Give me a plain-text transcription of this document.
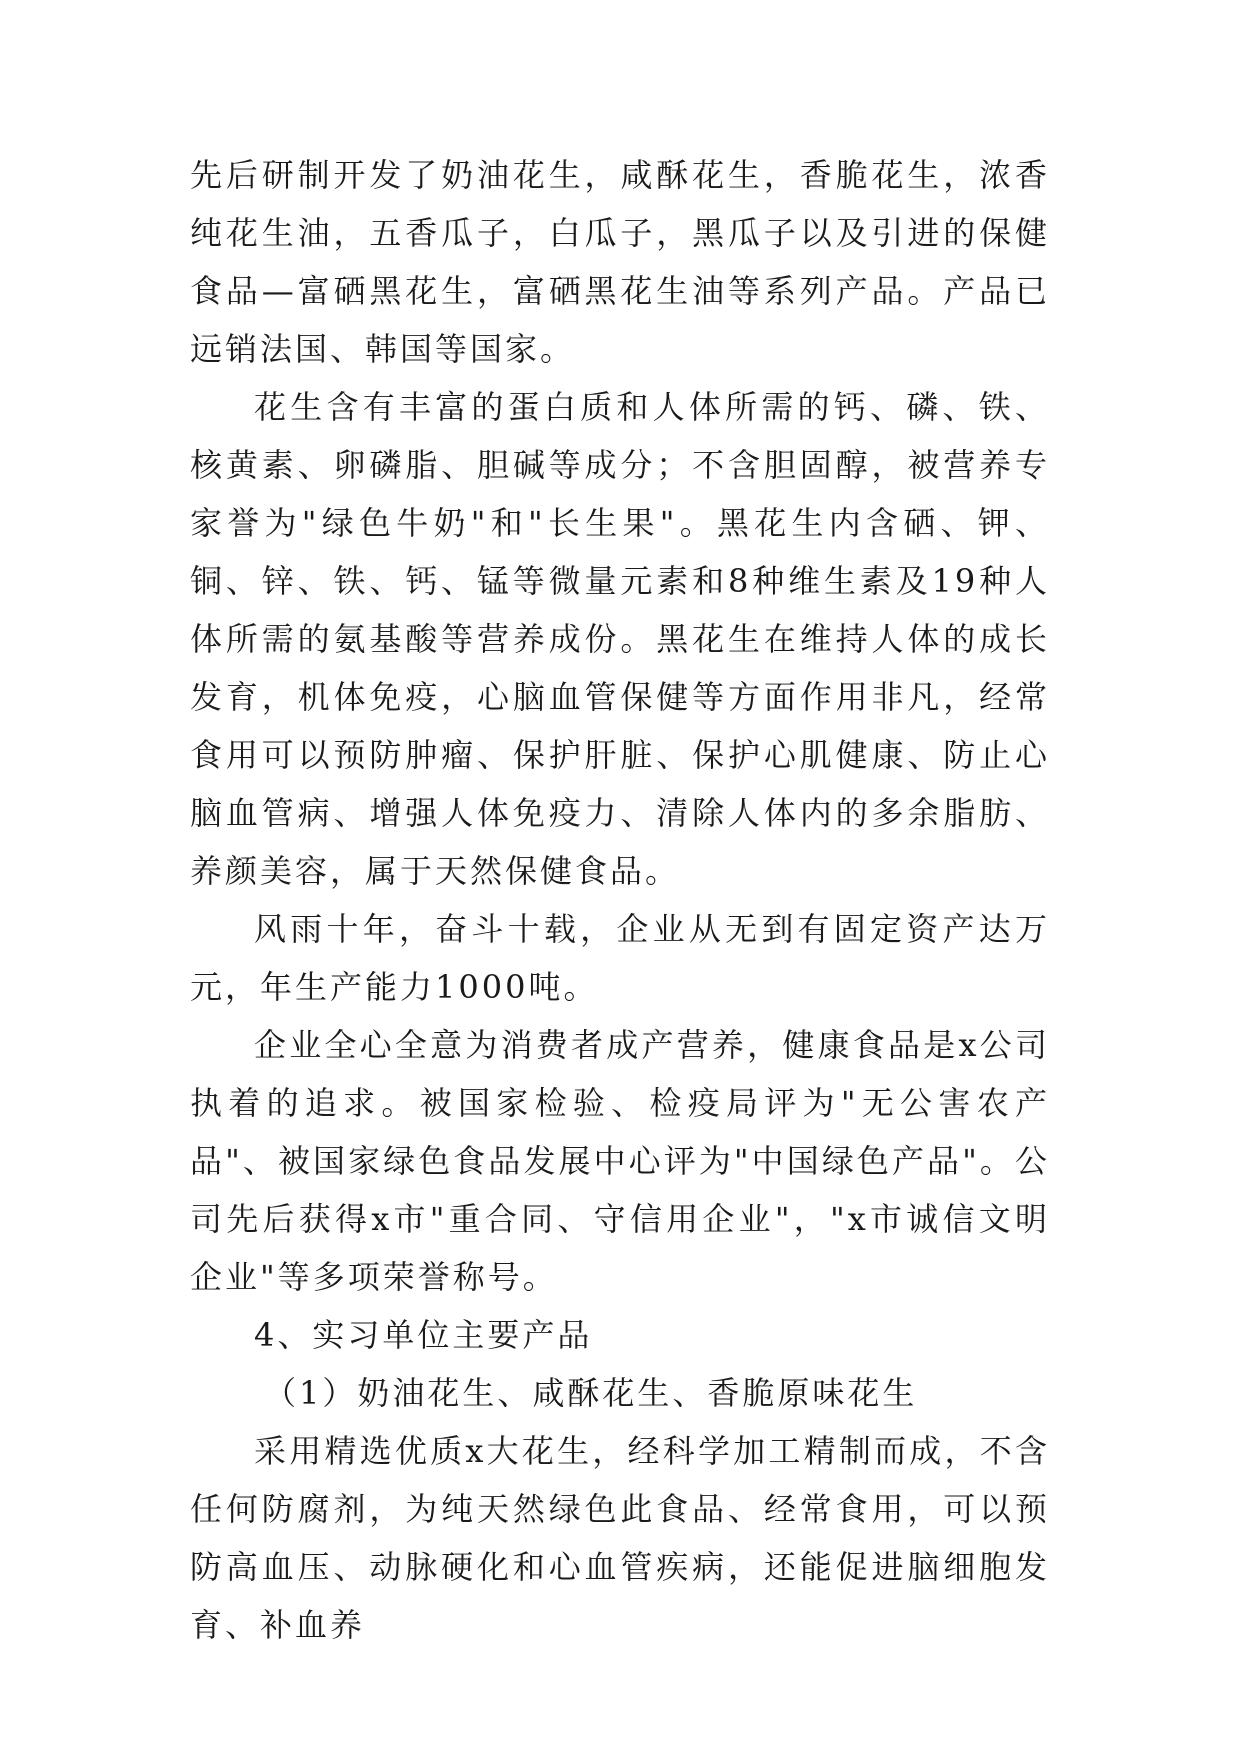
先后研制开发了奶油花生，咸酥花生，香脆花生，浓香纯花生油，五香瓜子，白瓜子，黑瓜子以及引进的保健食品—富硒黑花生，富硒黑花生油等系列产品。产品已远销法国、韩国等国家。

花生含有丰富的蛋白质和人体所需的钙、磷、铁、核黄素、卵磷脂、胆碱等成分；不含胆固醇，被营养专家誉为"绿色牛奶"和"长生果"。黑花生内含硒、钾、铜、锌、铁、钙、锰等微量元素和8种维生素及19种人体所需的氨基酸等营养成份。黑花生在维持人体的成长发育，机体免疫，心脑血管保健等方面作用非凡，经常食用可以预防肿瘤、保护肝脏、保护心肌健康、防止心脑血管病、增强人体免疫力、清除人体内的多余脂肪、养颜美容，属于天然保健食品。

风雨十年，奋斗十载，企业从无到有固定资产达万元，年生产能力1000吨。

企业全心全意为消费者成产营养，健康食品是x公司执着的追求。被国家检验、检疫局评为"无公害农产品"、被国家绿色食品发展中心评为"中国绿色产品"。公司先后获得x市"重合同、守信用企业"，"x市诚信文明企业"等多项荣誉称号。

4、实习单位主要产品

（1）奶油花生、咸酥花生、香脆原味花生

采用精选优质x大花生，经科学加工精制而成，不含任何防腐剂，为纯天然绿色此食品、经常食用，可以预防高血压、动脉硬化和心血管疾病，还能促进脑细胞发育、补血养
